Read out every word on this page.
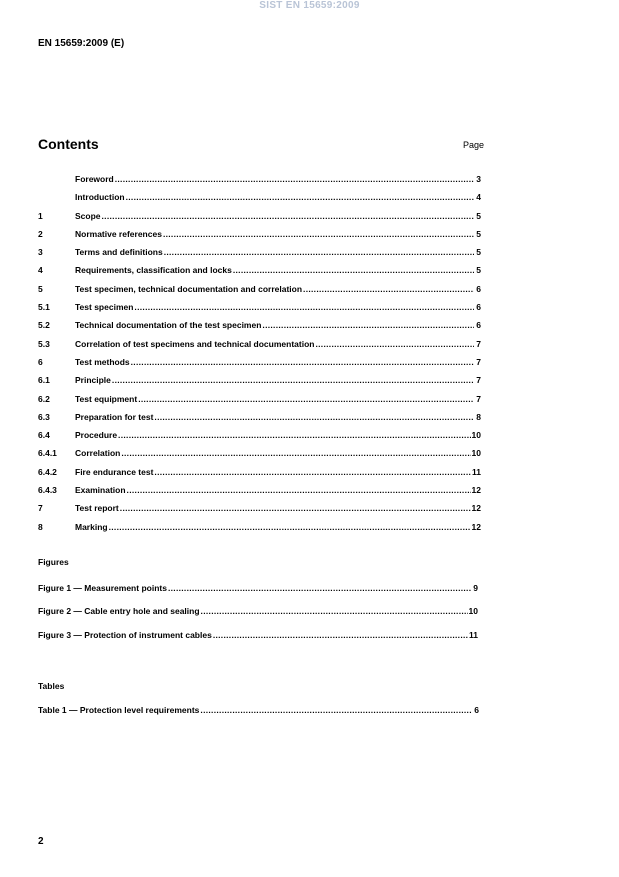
SIST EN 15659:2009
EN 15659:2009 (E)
Contents	Page
Foreword .....	3
Introduction .....	4
1	Scope .....	5
2	Normative references .....	5
3	Terms and definitions .....	5
4	Requirements, classification and locks .....	5
5	Test specimen, technical documentation and correlation .....	6
5.1	Test specimen .....	6
5.2	Technical documentation of the test specimen .....	6
5.3	Correlation of test specimens and technical documentation .....	7
6	Test methods .....	7
6.1	Principle .....	7
6.2	Test equipment .....	7
6.3	Preparation for test .....	8
6.4	Procedure .....	10
6.4.1	Correlation .....	10
6.4.2	Fire endurance test .....	11
6.4.3	Examination .....	12
7	Test report .....	12
8	Marking .....	12
Figures
Figure 1 — Measurement points .....	9
Figure 2 — Cable entry hole and sealing .....	10
Figure 3 — Protection of instrument cables .....	11
Tables
Table 1 — Protection level requirements .....	6
2
